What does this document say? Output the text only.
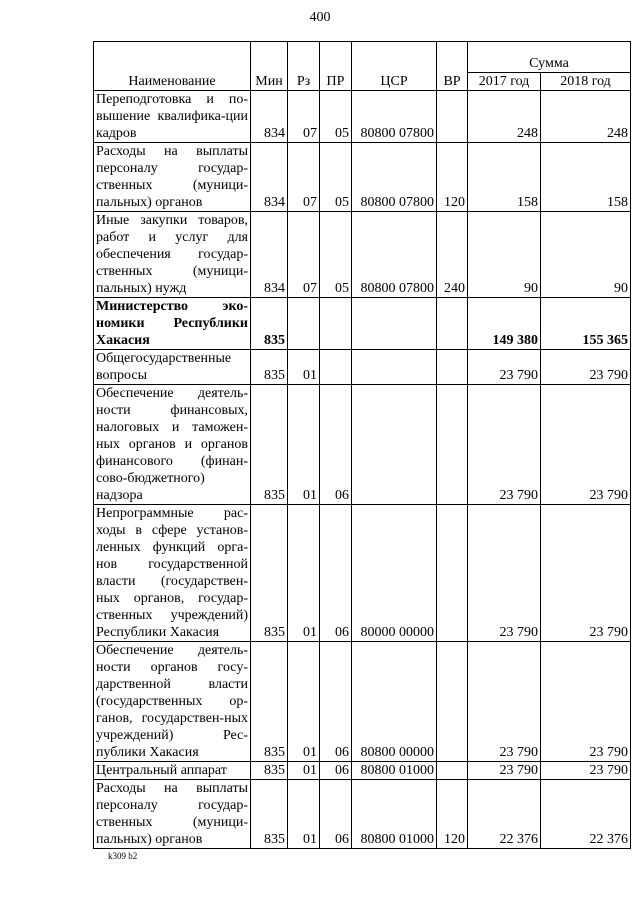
400
Наименование	Мин	Рз	ПР	ЦСР	ВР	Сумма	
						2017 год	2018 год
Переподготовка и по-вышение квалифика-ции кадров	834	07	05	80800 07800		248	248
Расходы на выплаты персоналу государ-ственных (муници-пальных) органов	834	07	05	80800 07800	120	158	158
Иные закупки товаров, работ и услуг для обеспечения государ-ственных (муници-пальных) нужд	834	07	05	80800 07800	240	90	90
Министерство эко-номики Республики Хакасия	835					149 380	155 365
Общегосударственные вопросы	835	01				23 790	23 790
Обеспечение деятель-ности финансовых, налоговых и таможен-ных органов и органов финансового (финан-сово-бюджетного) надзора	835	01	06			23 790	23 790
Непрограммные рас-ходы в сфере установ-ленных функций орга-нов государственной власти (государствен-ных органов, государ-ственных учреждений) Республики Хакасия	835	01	06	80000 00000		23 790	23 790
Обеспечение деятель-ности органов госу-дарственной власти (государственных ор-ганов, государствен-ных учреждений) Рес-публики Хакасия	835	01	06	80800 00000		23 790	23 790
Центральный аппарат	835	01	06	80800 01000		23 790	23 790
Расходы на выплаты персоналу государ-ственных (муници-пальных) органов	835	01	06	80800 01000	120	22 376	22 376
k309 b2
